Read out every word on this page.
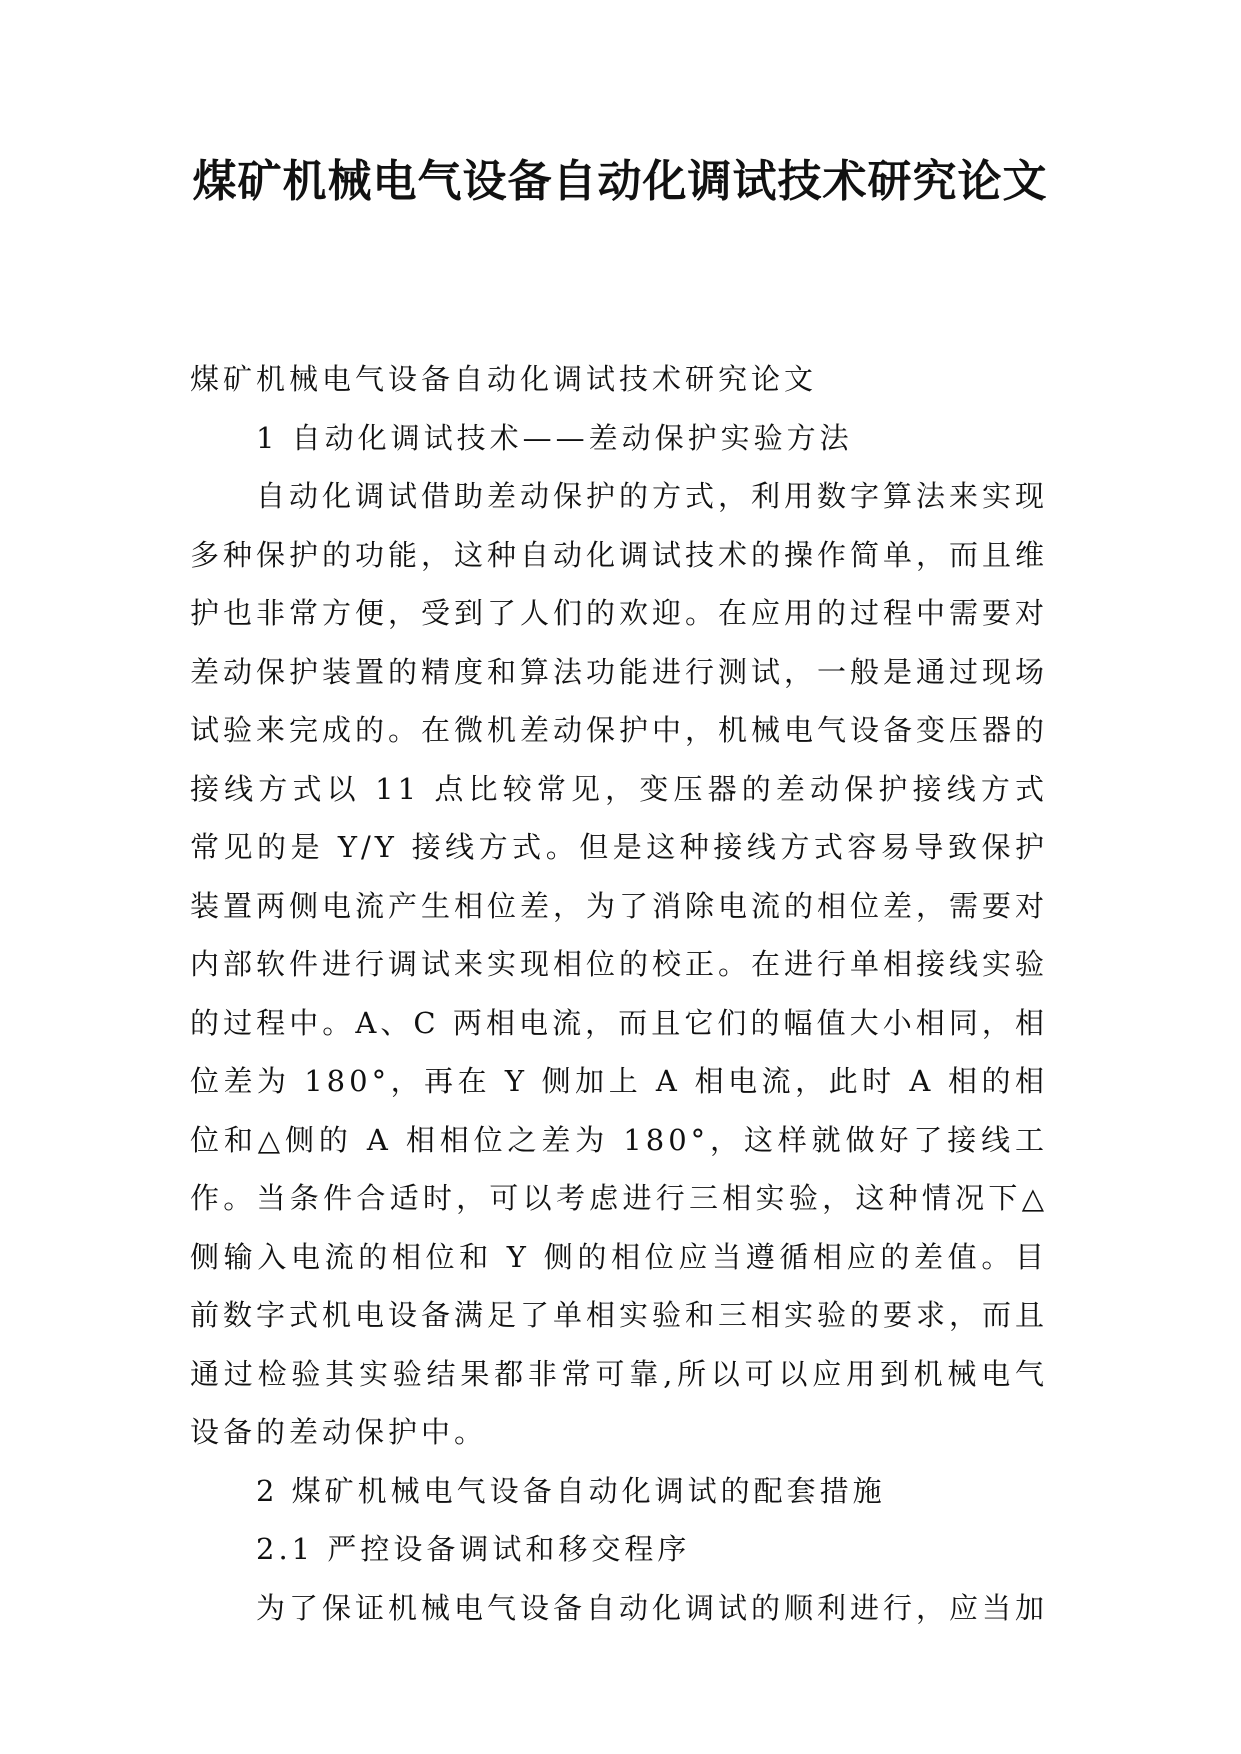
煤矿机械电气设备自动化调试技术研究论文

煤矿机械电气设备自动化调试技术研究论文

1 自动化调试技术——差动保护实验方法

自动化调试借助差动保护的方式，利用数字算法来实现多种保护的功能，这种自动化调试技术的操作简单，而且维护也非常方便，受到了人们的欢迎。在应用的过程中需要对差动保护装置的精度和算法功能进行测试，一般是通过现场试验来完成的。在微机差动保护中，机械电气设备变压器的接线方式以 11 点比较常见，变压器的差动保护接线方式常见的是 Y/Y 接线方式。但是这种接线方式容易导致保护装置两侧电流产生相位差，为了消除电流的相位差，需要对内部软件进行调试来实现相位的校正。在进行单相接线实验的过程中。A、C 两相电流，而且它们的幅值大小相同，相位差为 180°，再在 Y 侧加上 A 相电流，此时 A 相的相位和△侧的 A 相相位之差为 180°，这样就做好了接线工作。当条件合适时，可以考虑进行三相实验，这种情况下△侧输入电流的相位和 Y 侧的相位应当遵循相应的差值。目前数字式机电设备满足了单相实验和三相实验的要求，而且通过检验其实验结果都非常可靠,所以可以应用到机械电气设备的差动保护中。

2 煤矿机械电气设备自动化调试的配套措施

2.1 严控设备调试和移交程序

为了保证机械电气设备自动化调试的顺利进行，应当加
